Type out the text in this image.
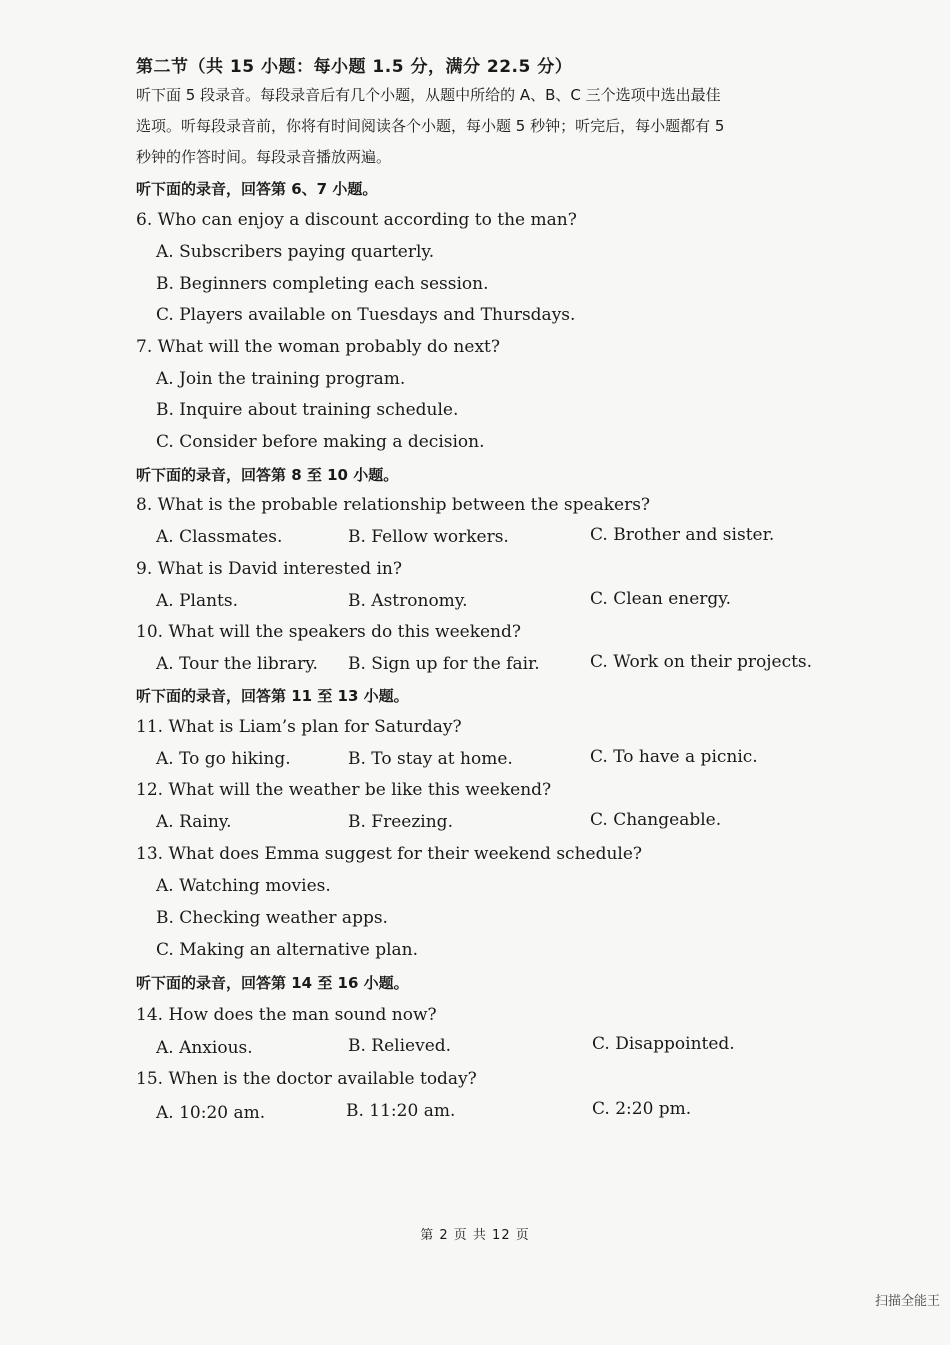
第二节（共 15 小题：每小题 1.5 分，满分 22.5 分）
听下面 5 段录音。每段录音后有几个小题，从题中所给的 A、B、C 三个选项中选出最佳
选项。听每段录音前，你将有时间阅读各个小题，每小题 5 秒钟；听完后，每小题都有 5
秒钟的作答时间。每段录音播放两遍。
听下面的录音，回答第 6、7 小题。
6. Who can enjoy a discount according to the man?
A. Subscribers paying quarterly.
B. Beginners completing each session.
C. Players available on Tuesdays and Thursdays.
7. What will the woman probably do next?
A. Join the training program.
B. Inquire about training schedule.
C. Consider before making a decision.
听下面的录音，回答第 8 至 10 小题。
8. What is the probable relationship between the speakers?
A. Classmates.	B. Fellow workers.	C. Brother and sister.
9. What is David interested in?
A. Plants.	B. Astronomy.	C. Clean energy.
10. What will the speakers do this weekend?
A. Tour the library. B. Sign up for the fair.	C. Work on their projects.
听下面的录音，回答第 11 至 13 小题。
11. What is Liam’s plan for Saturday?
A. To go hiking.	B. To stay at home.	C. To have a picnic.
12. What will the weather be like this weekend?
A. Rainy.	B. Freezing.	C. Changeable.
13. What does Emma suggest for their weekend schedule?
A. Watching movies.
B. Checking weather apps.
C. Making an alternative plan.
听下面的录音，回答第 14 至 16 小题。
14. How does the man sound now?
A. Anxious.	B. Relieved.	C. Disappointed.
15. When is the doctor available today?
A. 10:20 am.	B. 11:20 am.	C. 2:20 pm.
第 2 页 共 12 页
扫描全能王
